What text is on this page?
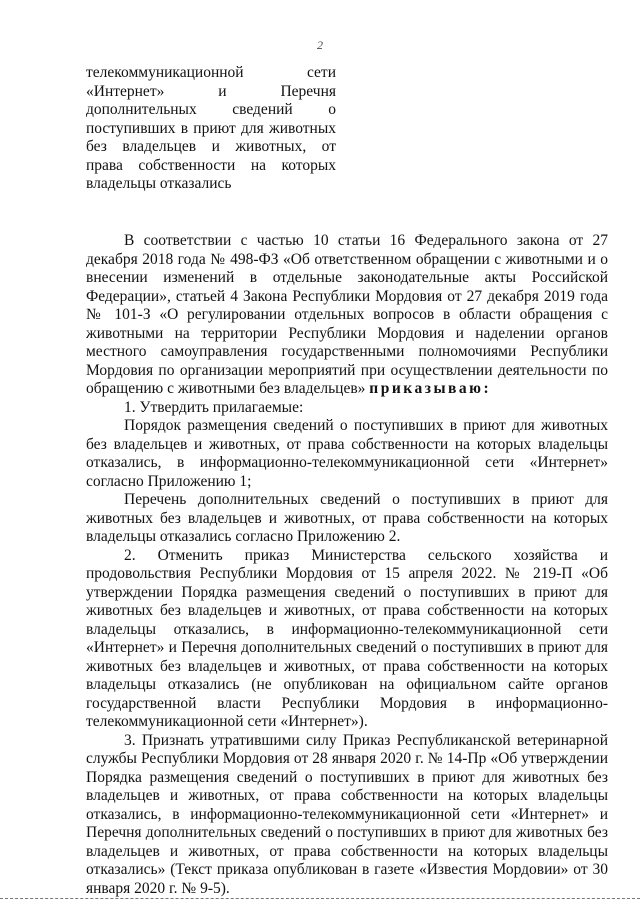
2
телекоммуникационной сети
«Интернет» и Перечня
дополнительных сведений о
поступивших в приют для животных
без владельцев и животных, от
права собственности на которых
владельцы отказались

В соответствии с частью 10 статьи 16 Федерального закона от 27 декабря 2018 года № 498-ФЗ «Об ответственном обращении с животными и о внесении изменений в отдельные законодательные акты Российской Федерации», статьей 4 Закона Республики Мордовия от 27 декабря 2019 года № 101-З «О регулировании отдельных вопросов в области обращения с животными на территории Республики Мордовия и наделении органов местного самоуправления государственными полномочиями Республики Мордовия по организации мероприятий при осуществлении деятельности по обращению с животными без владельцев» приказываю:

1. Утвердить прилагаемые:

Порядок размещения сведений о поступивших в приют для животных без владельцев и животных, от права собственности на которых владельцы отказались, в информационно-телекоммуникационной сети «Интернет» согласно Приложению 1;

Перечень дополнительных сведений о поступивших в приют для животных без владельцев и животных, от права собственности на которых владельцы отказались согласно Приложению 2.

2. Отменить приказ Министерства сельского хозяйства и продовольствия Республики Мордовия от 15 апреля 2022. № 219-П «Об утверждении Порядка размещения сведений о поступивших в приют для животных без владельцев и животных, от права собственности на которых владельцы отказались, в информационно-телекоммуникационной сети «Интернет» и Перечня дополнительных сведений о поступивших в приют для животных без владельцев и животных, от права собственности на которых владельцы отказались (не опубликован на официальном сайте органов государственной власти Республики Мордовия в информационно-телекоммуникационной сети «Интернет»).

3. Признать утратившими силу Приказ Республиканской ветеринарной службы Республики Мордовия от 28 января 2020 г. № 14-Пр «Об утверждении Порядка размещения сведений о поступивших в приют для животных без владельцев и животных, от права собственности на которых владельцы отказались, в информационно-телекоммуникационной сети «Интернет» и Перечня дополнительных сведений о поступивших в приют для животных без владельцев и животных, от права собственности на которых владельцы отказались» (Текст приказа опубликован в газете «Известия Мордовии» от 30 января 2020 г. № 9-5).
